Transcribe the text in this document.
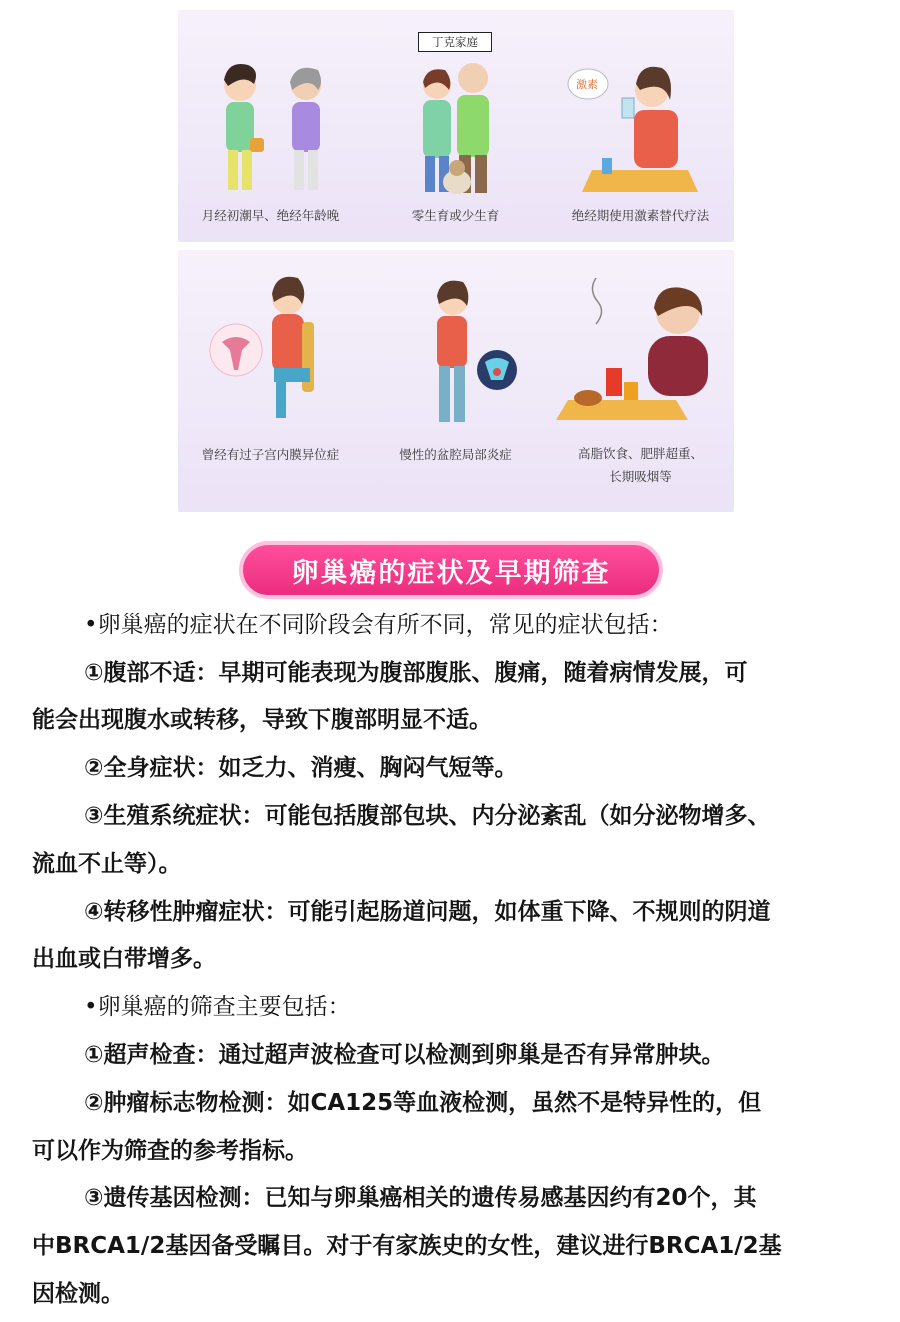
月经初潮早、绝经年龄晚
丁克家庭
零生育或少生育
激素
绝经期使用激素替代疗法
曾经有过子宫内膜异位症	慢性的盆腔局部炎症	高脂饮食、肥胖超重、
长期吸烟等
卵巢癌的症状及早期筛查
•卵巢癌的症状在不同阶段会有所不同，常见的症状包括：
①腹部不适：早期可能表现为腹部腹胀、腹痛，随着病情发展，可
能会出现腹水或转移，导致下腹部明显不适。
②全身症状：如乏力、消瘦、胸闷气短等。
③生殖系统症状：可能包括腹部包块、内分泌紊乱（如分泌物增多、
流血不止等）。
④转移性肿瘤症状：可能引起肠道问题，如体重下降、不规则的阴道
出血或白带增多。
•卵巢癌的筛查主要包括：
①超声检查：通过超声波检查可以检测到卵巢是否有异常肿块。
②肿瘤标志物检测：如CA125等血液检测，虽然不是特异性的，但
可以作为筛查的参考指标。
③遗传基因检测：已知与卵巢癌相关的遗传易感基因约有20个，其
中BRCA1/2基因备受瞩目。对于有家族史的女性，建议进行BRCA1/2基
因检测。
